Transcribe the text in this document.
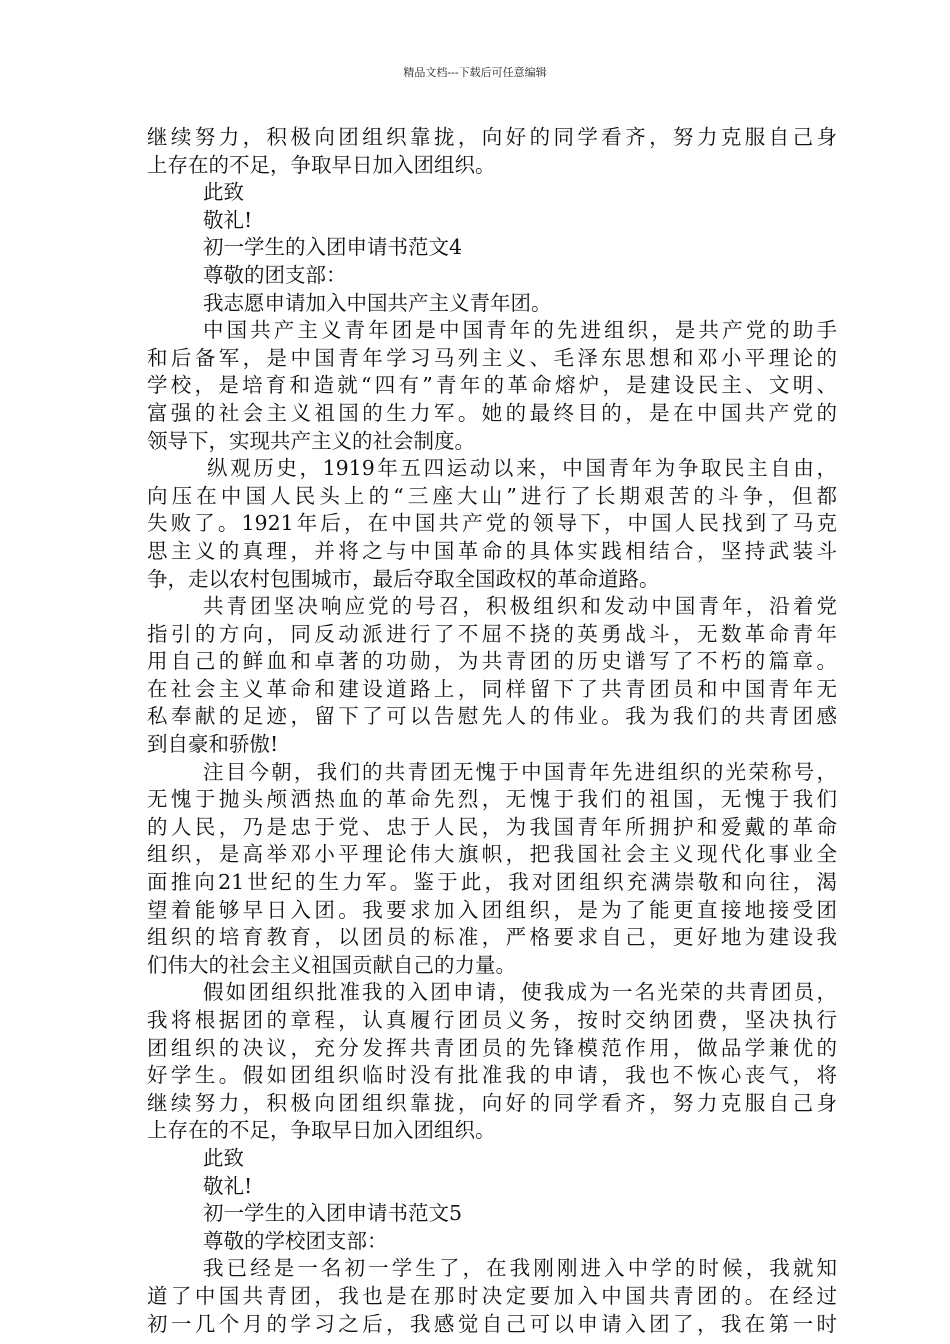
精品文档---下载后可任意编辑
继续努力，积极向团组织靠拢，向好的同学看齐，努力克服自己身
上存在的不足，争取早日加入团组织。
此致
敬礼!
初一学生的入团申请书范文4
尊敬的团支部：
我志愿申请加入中国共产主义青年团。
中国共产主义青年团是中国青年的先进组织，是共产党的助手
和后备军，是中国青年学习马列主义、毛泽东思想和邓小平理论的
学校，是培育和造就“四有”青年的革命熔炉，是建设民主、文明、
富强的社会主义祖国的生力军。她的最终目的，是在中国共产党的
领导下，实现共产主义的社会制度。
纵观历史，1919年五四运动以来，中国青年为争取民主自由，
向压在中国人民头上的“三座大山”进行了长期艰苦的斗争，但都
失败了。1921年后，在中国共产党的领导下，中国人民找到了马克
思主义的真理，并将之与中国革命的具体实践相结合，坚持武装斗
争，走以农村包围城市，最后夺取全国政权的革命道路。
共青团坚决响应党的号召，积极组织和发动中国青年，沿着党
指引的方向，同反动派进行了不屈不挠的英勇战斗，无数革命青年
用自己的鲜血和卓著的功勋，为共青团的历史谱写了不朽的篇章。
在社会主义革命和建设道路上，同样留下了共青团员和中国青年无
私奉献的足迹，留下了可以告慰先人的伟业。我为我们的共青团感
到自豪和骄傲!
注目今朝，我们的共青团无愧于中国青年先进组织的光荣称号，
无愧于抛头颅洒热血的革命先烈，无愧于我们的祖国，无愧于我们
的人民，乃是忠于党、忠于人民，为我国青年所拥护和爱戴的革命
组织，是高举邓小平理论伟大旗帜，把我国社会主义现代化事业全
面推向21世纪的生力军。鉴于此，我对团组织充满崇敬和向往，渴
望着能够早日入团。我要求加入团组织，是为了能更直接地接受团
组织的培育教育，以团员的标准，严格要求自己，更好地为建设我
们伟大的社会主义祖国贡献自己的力量。
假如团组织批准我的入团申请，使我成为一名光荣的共青团员，
我将根据团的章程，认真履行团员义务，按时交纳团费，坚决执行
团组织的决议，充分发挥共青团员的先锋模范作用，做品学兼优的
好学生。假如团组织临时没有批准我的申请，我也不恢心丧气，将
继续努力，积极向团组织靠拢，向好的同学看齐，努力克服自己身
上存在的不足，争取早日加入团组织。
此致
敬礼!
初一学生的入团申请书范文5
尊敬的学校团支部：
我已经是一名初一学生了，在我刚刚进入中学的时候，我就知
道了中国共青团，我也是在那时决定要加入中国共青团的。在经过
初一几个月的学习之后，我感觉自己可以申请入团了，我在第一时
